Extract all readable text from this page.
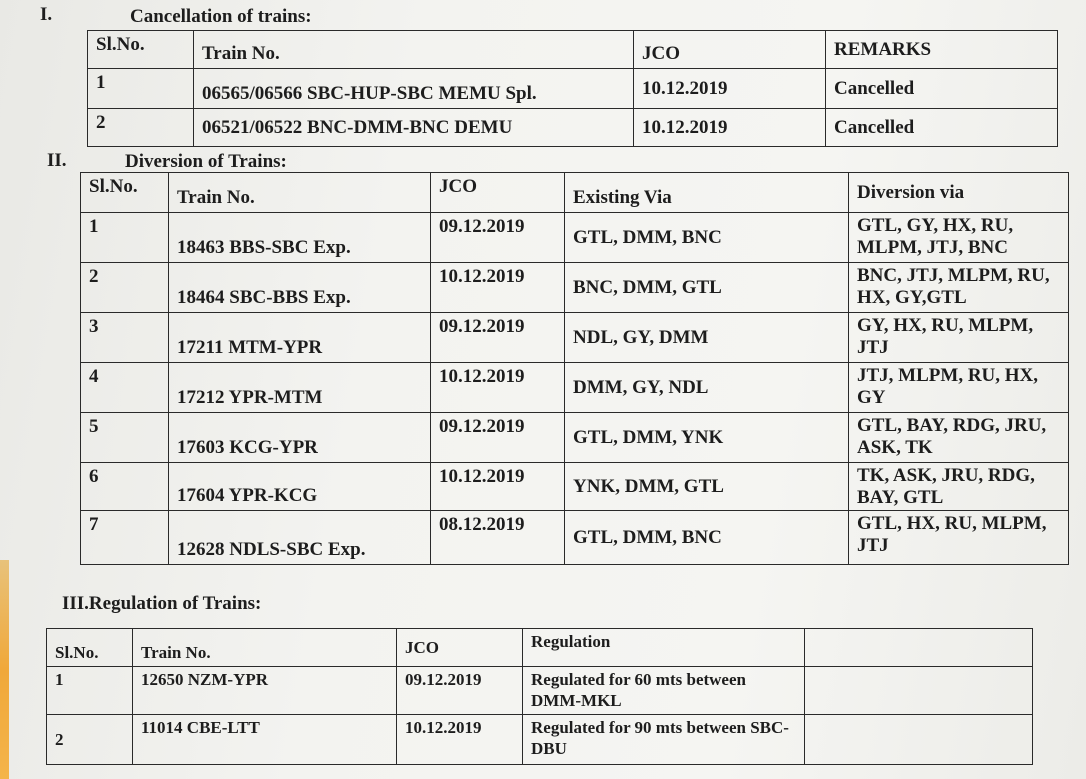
I.	Cancellation of trains:
Sl.No.	Train No.	JCO	REMARKS
1	06565/06566 SBC-HUP-SBC MEMU Spl.	10.12.2019	Cancelled
2	06521/06522 BNC-DMM-BNC DEMU	10.12.2019	Cancelled
II.	Diversion of Trains:
Sl.No.	Train No.	JCO	Existing Via	Diversion via
1	18463 BBS-SBC Exp.	09.12.2019	GTL, DMM, BNC	GTL, GY, HX, RU, MLPM, JTJ, BNC
2	18464 SBC-BBS Exp.	10.12.2019	BNC, DMM, GTL	BNC, JTJ, MLPM, RU, HX, GY,GTL
3	17211 MTM-YPR	09.12.2019	NDL, GY, DMM	GY, HX, RU, MLPM, JTJ
4	17212 YPR-MTM	10.12.2019	DMM, GY, NDL	JTJ, MLPM, RU, HX, GY
5	17603 KCG-YPR	09.12.2019	GTL, DMM, YNK	GTL, BAY, RDG, JRU, ASK, TK
6	17604 YPR-KCG	10.12.2019	YNK, DMM, GTL	TK, ASK, JRU, RDG, BAY, GTL
7	12628 NDLS-SBC Exp.	08.12.2019	GTL, DMM, BNC	GTL, HX, RU, MLPM, JTJ
III.Regulation of Trains:
Sl.No.	Train No.	JCO	Regulation	
1	12650 NZM-YPR	09.12.2019	Regulated for 60 mts between DMM-MKL	
2	11014 CBE-LTT	10.12.2019	Regulated for 90 mts between SBC-DBU	
